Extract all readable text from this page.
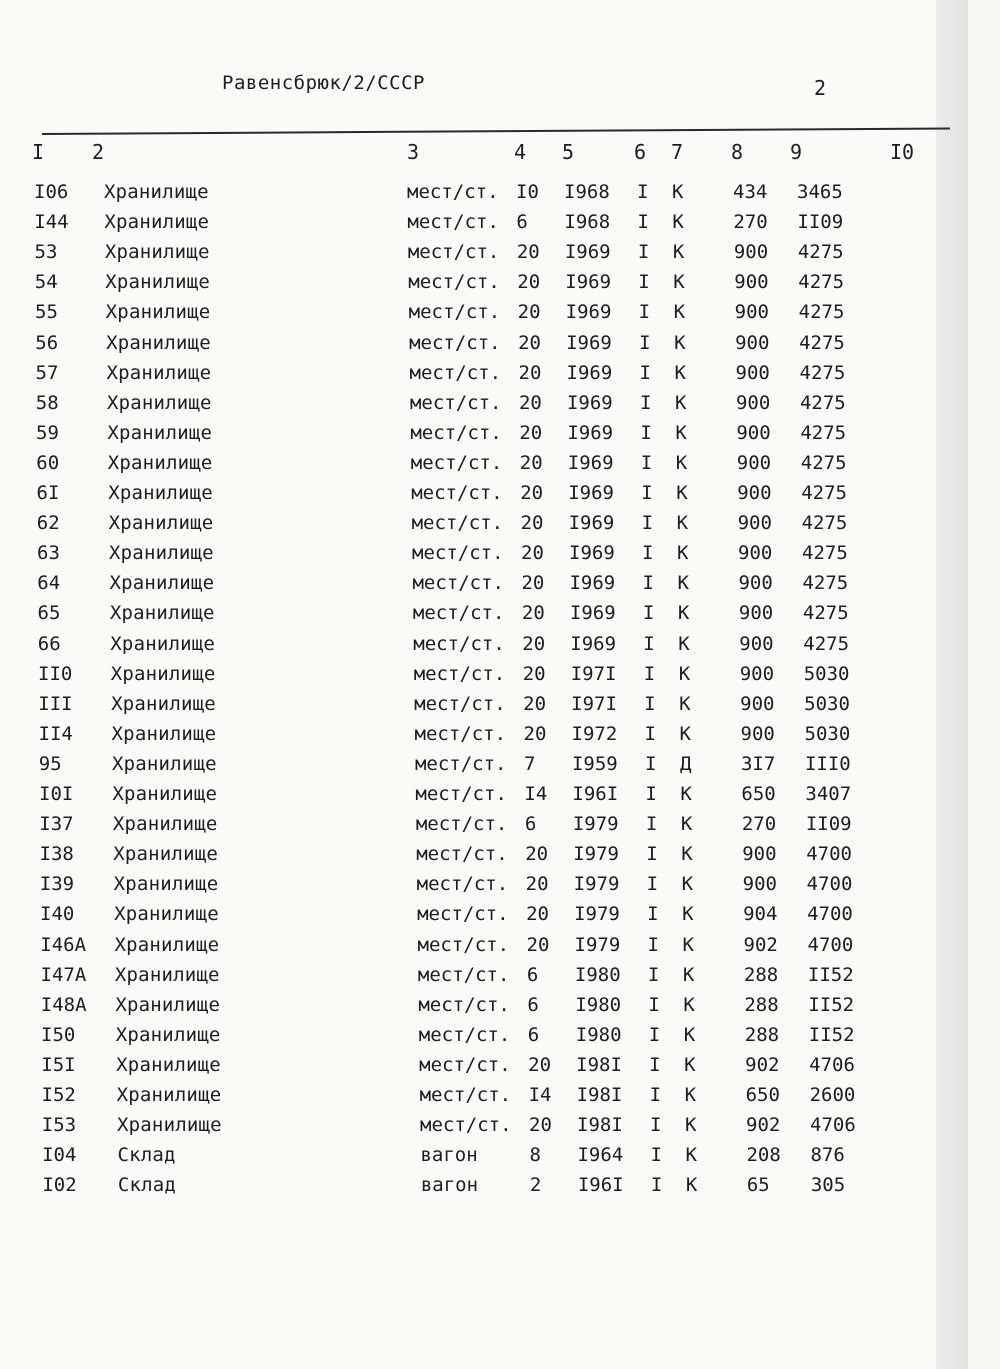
Равенсбрюк/2/СССР	2
I 2	3	4 5	6 7 8 9	I0
I06 Хранилище	мест/ст. I0 I968 I К	434 3465
I44 Хранилище	мест/ст. 6 I968 I К	270 II09
53 Хранилище	мест/ст. 20 I969 I К	900 4275
54	Хранилище	мест/ст. 20 I969 I К	900 4275
55	Хранилище	мест/ст. 20 I969 I К	900 4275
56	Хранилище	мест/ст. 20 I969 I К	900 4275
57	Хранилище	мест/ст. 20 I969 I К	900 4275
58	Хранилище	мест/ст. 20 I969 I К	900 4275
59	Хранилище	мест/ст. 20 I969 I К	900 4275
60	Хранилище	мест/ст. 20 I969 I К	900 4275
6I	Хранилище	мест/ст. 20 I969 I К	900 4275
62	Хранилище	мест/ст. 20 I969 I К	900 4275
63	Хранилище	мест/ст. 20 I969 I К	900 4275
64	Хранилище	мест/ст. 20 I969 I К	900 4275
65	Хранилище	мест/ст. 20 I969 I К	900 4275
66	Хранилище	мест/ст. 20 I969 I К	900 4275
II0 Хранилище	мест/ст. 20 I97I I К	900 5030
III Хранилище	мест/ст. 20 I97I I К	900 5030
II4 Хранилище	мест/ст. 20 I972 I К	900 5030
95	Хранилище	мест/ст. 7 I959 I Д	3I7 III0
I0I Хранилище	мест/ст. I4 I96I I К	650 3407
I37 Хранилище	мест/ст. 6 I979 I К	270 II09
I38 Хранилище	мест/ст. 20 I979 I К	900 4700
I39 Хранилище	мест/ст. 20 I979 I К	900 4700
I40 Хранилище	мест/ст. 20 I979 I К	904 4700
I46A Хранилище	мест/ст. 20 I979 I К	902 4700
I47A Хранилище	мест/ст. 6 I980 I К	288 II52
I48A Хранилище	мест/ст. 6 I980 I К	288 II52
I50 Хранилище	мест/ст. 6 I980 I К	288 II52
I5I Хранилище	мест/ст. 20 I98I I К	902 4706
I52 Хранилище	мест/ст. I4 I98I I К	650 2600
I53 Хранилище	мест/ст. 20 I98I I К	902 4706
I04 Склад	вагон	8 I964 I К	208 876
I02 Склад	вагон	2 I96I I К	65 305
